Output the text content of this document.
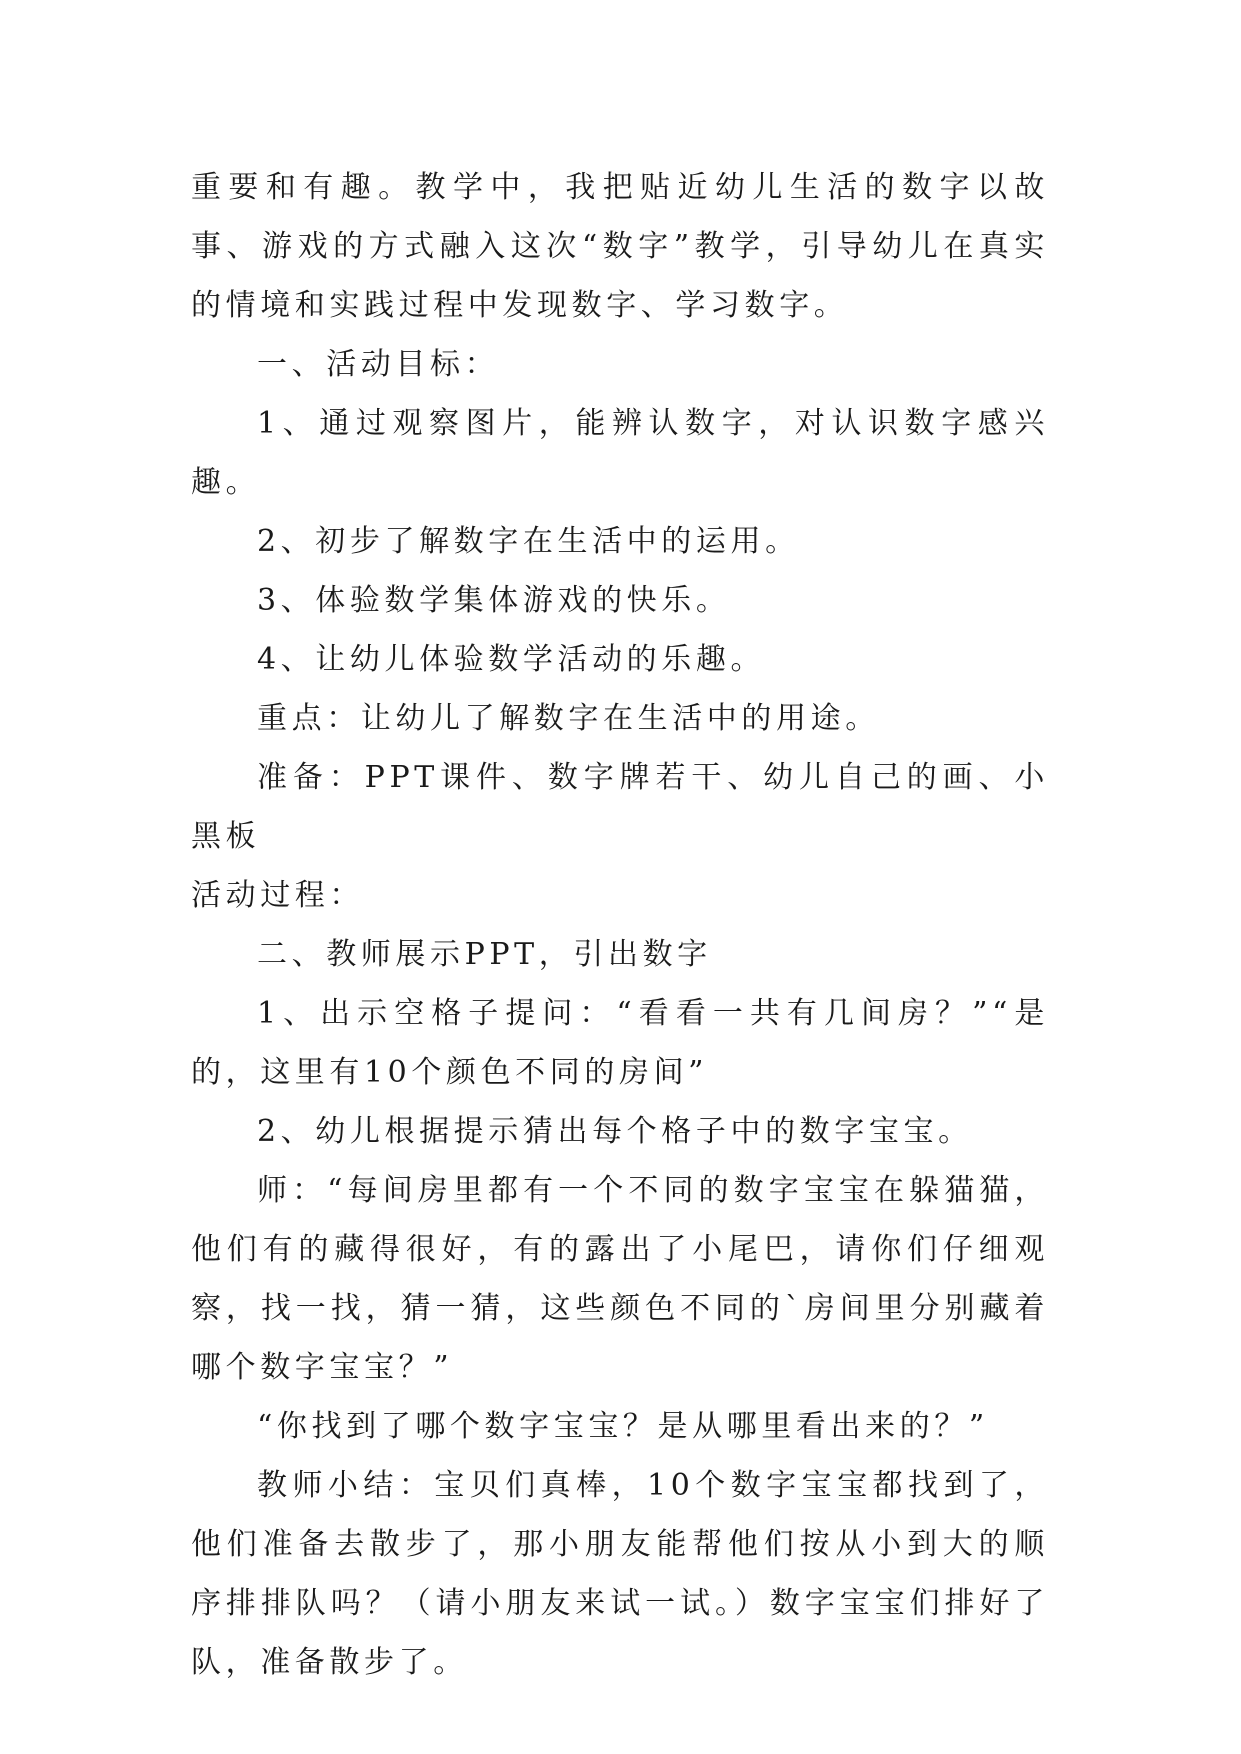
重要和有趣。教学中，我把贴近幼儿生活的数字以故事、游戏的方式融入这次“数字”教学，引导幼儿在真实的情境和实践过程中发现数字、学习数字。

一、活动目标：

1、通过观察图片，能辨认数字，对认识数字感兴趣。

2、初步了解数字在生活中的运用。

3、体验数学集体游戏的快乐。

4、让幼儿体验数学活动的乐趣。

重点：让幼儿了解数字在生活中的用途。

准备：PPT课件、数字牌若干、幼儿自己的画、小黑板

活动过程：

二、教师展示PPT，引出数字

1、出示空格子提问：“看看一共有几间房？”“是的，这里有10个颜色不同的房间”

2、幼儿根据提示猜出每个格子中的数字宝宝。

师：“每间房里都有一个不同的数字宝宝在躲猫猫，他们有的藏得很好，有的露出了小尾巴，请你们仔细观察，找一找，猜一猜，这些颜色不同的`房间里分别藏着哪个数字宝宝？”

“你找到了哪个数字宝宝？是从哪里看出来的？”

教师小结：宝贝们真棒，10个数字宝宝都找到了，他们准备去散步了，那小朋友能帮他们按从小到大的顺序排排队吗？（请小朋友来试一试。）数字宝宝们排好了队，准备散步了。
